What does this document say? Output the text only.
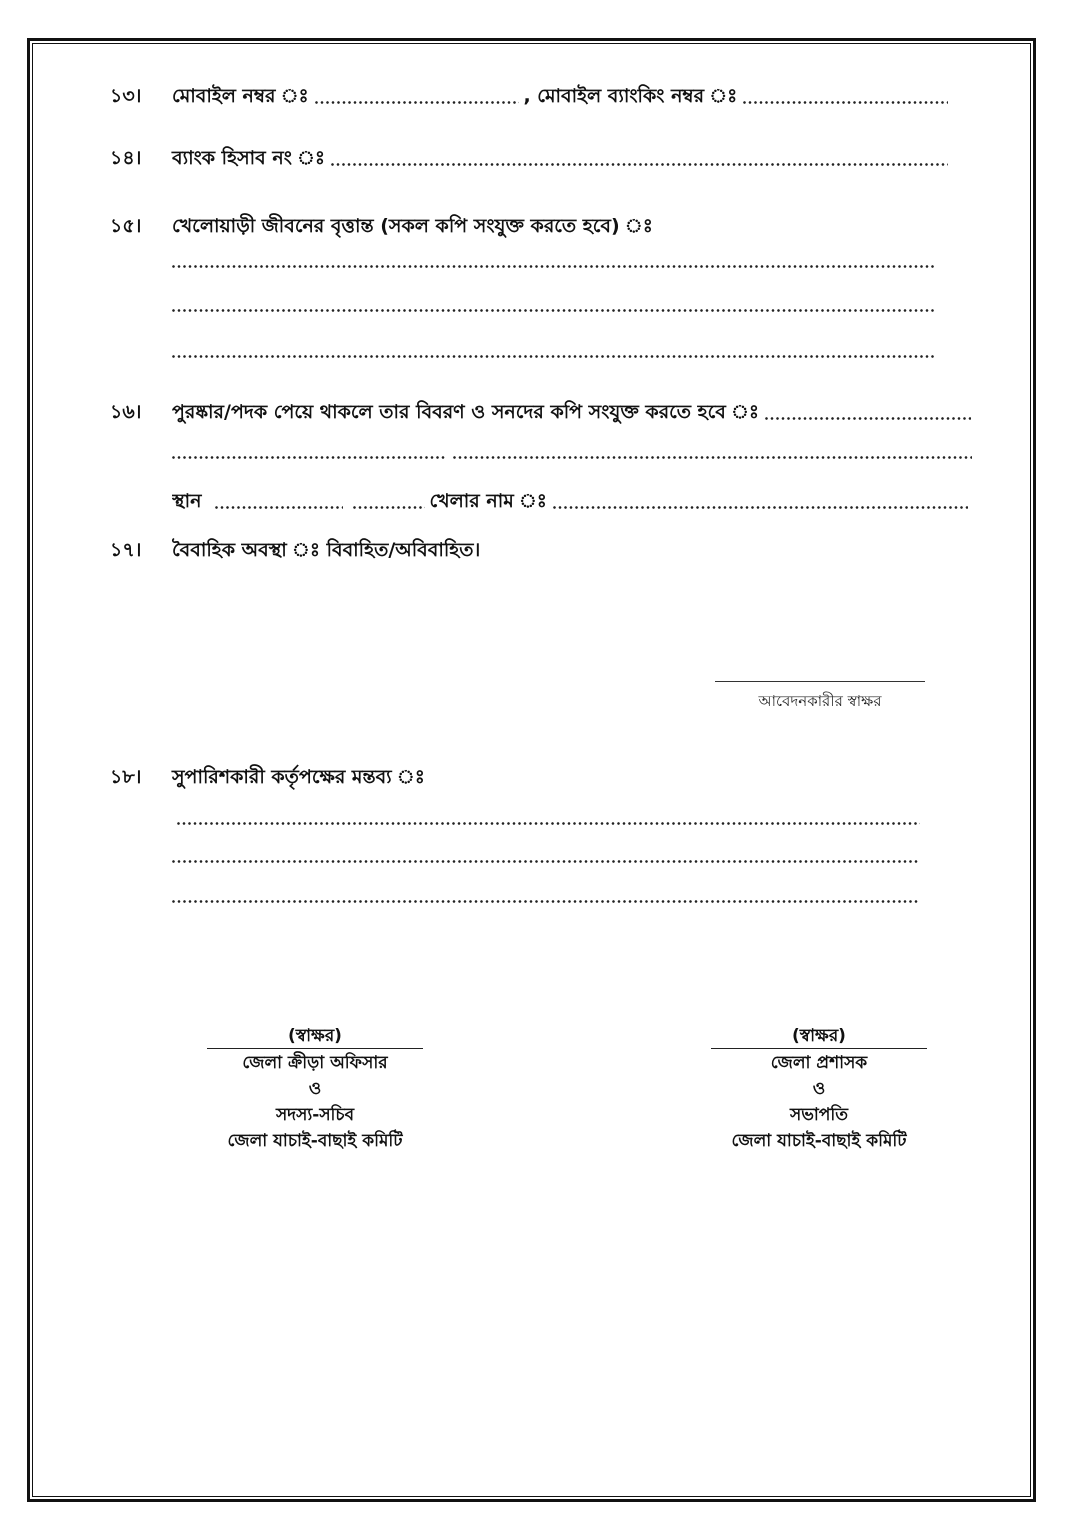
১৩।	মোবাইল নম্বর ঃ	, মোবাইল ব্যাংকিং নম্বর ঃ
১৪।	ব্যাংক হিসাব নং ঃ
১৫।	খেলোয়াড়ী জীবনের বৃত্তান্ত (সকল কপি সংযুক্ত করতে হবে) ঃ
১৬।	পুরষ্কার/পদক পেয়ে থাকলে তার বিবরণ ও সনদের কপি সংযুক্ত করতে হবে ঃ
স্থান	খেলার নাম ঃ
১৭।	বৈবাহিক অবস্থা ঃ বিবাহিত/অবিবাহিত।
আবেদনকারীর স্বাক্ষর
১৮।	সুপারিশকারী কর্তৃপক্ষের মন্তব্য ঃ
(স্বাক্ষর)
জেলা ক্রীড়া অফিসার
ও
সদস্য-সচিব
জেলা যাচাই-বাছাই কমিটি
(স্বাক্ষর)
জেলা প্রশাসক
ও
সভাপতি
জেলা যাচাই-বাছাই কমিটি
